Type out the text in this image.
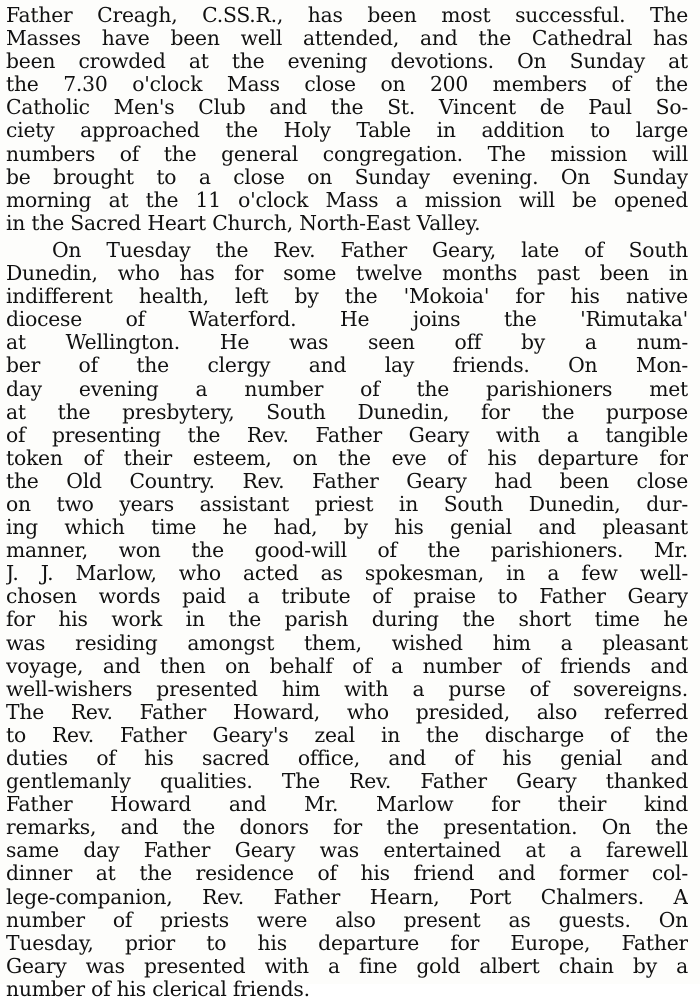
Father Creagh, C.SS.R., has been most successful. The
Masses have been well attended, and the Cathedral has
been crowded at the evening devotions. On Sunday at
the 7.30 o'clock Mass close on 200 members of the
Catholic Men's Club and the St. Vincent de Paul So-
ciety approached the Holy Table in addition to large
numbers of the general congregation. The mission will
be brought to a close on Sunday evening. On Sunday
morning at the 11 o'clock Mass a mission will be opened
in the Sacred Heart Church, North-East Valley.

On Tuesday the Rev. Father Geary, late of South
Dunedin, who has for some twelve months past been in
indifferent health, left by the 'Mokoia' for his native
diocese of Waterford. He joins the 'Rimutaka'
at Wellington. He was seen off by a num-
ber of the clergy and lay friends. On Mon-
day evening a number of the parishioners met
at the presbytery, South Dunedin, for the purpose
of presenting the Rev. Father Geary with a tangible
token of their esteem, on the eve of his departure for
the Old Country. Rev. Father Geary had been close
on two years assistant priest in South Dunedin, dur-
ing which time he had, by his genial and pleasant
manner, won the good-will of the parishioners. Mr.
J. J. Marlow, who acted as spokesman, in a few well-
chosen words paid a tribute of praise to Father Geary
for his work in the parish during the short time he
was residing amongst them, wished him a pleasant
voyage, and then on behalf of a number of friends and
well-wishers presented him with a purse of sovereigns.
The Rev. Father Howard, who presided, also referred
to Rev. Father Geary's zeal in the discharge of the
duties of his sacred office, and of his genial and
gentlemanly qualities. The Rev. Father Geary thanked
Father Howard and Mr. Marlow for their kind
remarks, and the donors for the presentation. On the
same day Father Geary was entertained at a farewell
dinner at the residence of his friend and former col-
lege-companion, Rev. Father Hearn, Port Chalmers. A
number of priests were also present as guests. On
Tuesday, prior to his departure for Europe, Father
Geary was presented with a fine gold albert chain by a
number of his clerical friends.
